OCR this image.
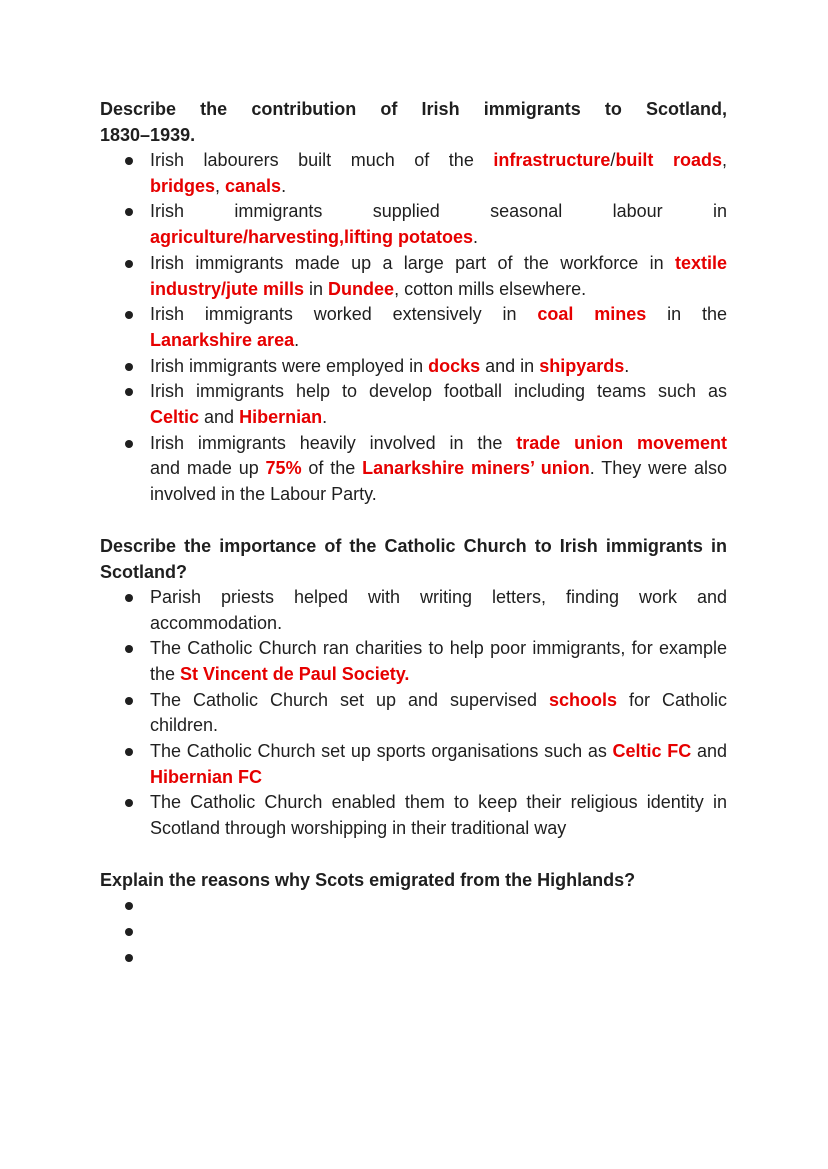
Describe the contribution of Irish immigrants to Scotland,
1830–1939.
Irish labourers built much of the infrastructure/built roads,
bridges, canals.
Irish immigrants supplied seasonal labour in
agriculture/harvesting,lifting potatoes.
Irish immigrants made up a large part of the workforce in textile
industry/jute mills in Dundee, cotton mills elsewhere.
Irish immigrants worked extensively in coal mines in the
Lanarkshire area.
Irish immigrants were employed in docks and in shipyards.
Irish immigrants help to develop football including teams such as
Celtic and Hibernian.
Irish immigrants heavily involved in the trade union movement
and made up 75% of the Lanarkshire miners’ union. They were also involved in the Labour Party.
Describe the importance of the Catholic Church to Irish immigrants in Scotland?
Parish priests helped with writing letters, finding work and accommodation.
The Catholic Church ran charities to help poor immigrants, for example the St Vincent de Paul Society.
The Catholic Church set up and supervised schools for Catholic children.
The Catholic Church set up sports organisations such as Celtic FC and Hibernian FC
The Catholic Church enabled them to keep their religious identity in Scotland through worshipping in their traditional way
Explain the reasons why Scots emigrated from the Highlands?
